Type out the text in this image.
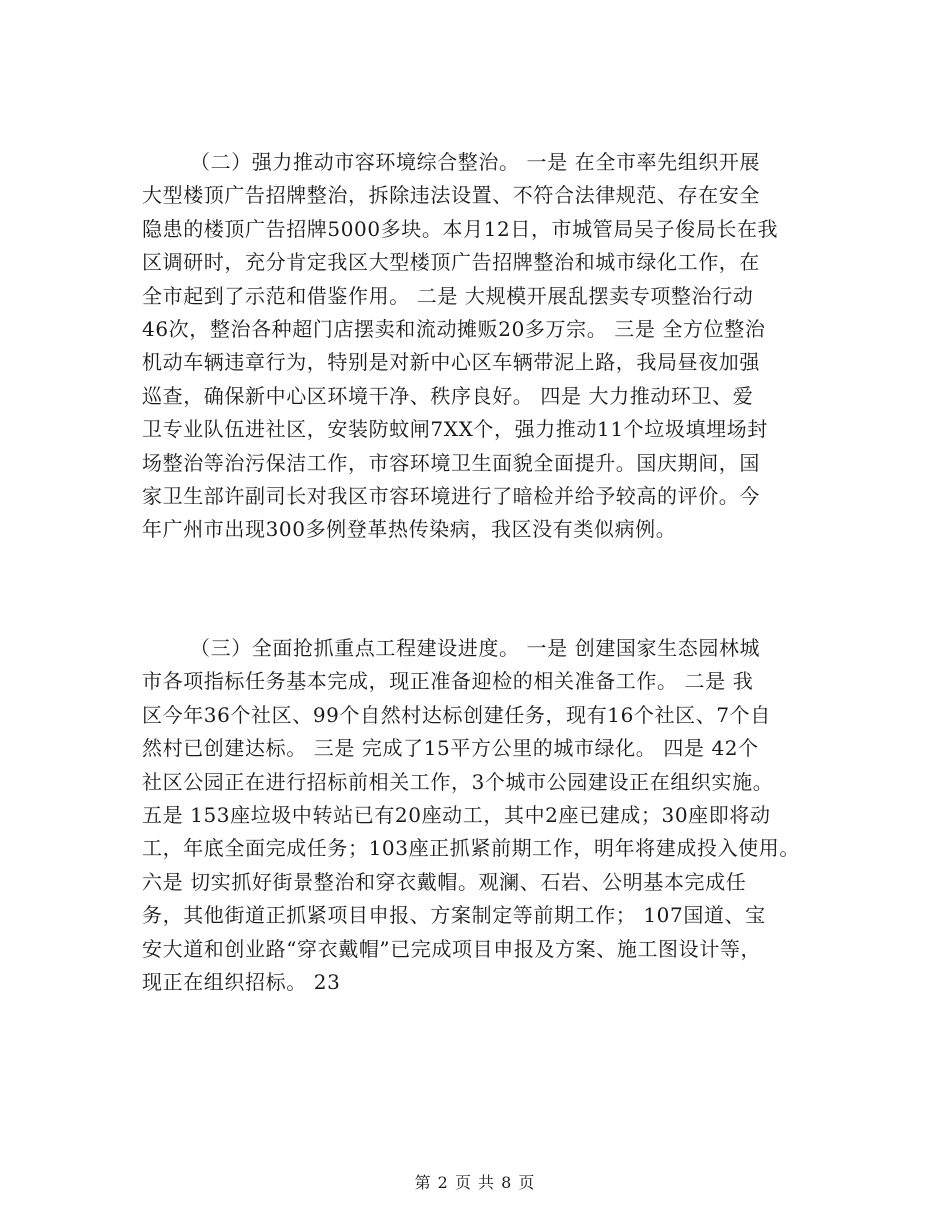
（二）强力推动市容环境综合整治。 一是 在全市率先组织开展
大型楼顶广告招牌整治，拆除违法设置、不符合法律规范、存在安全
隐患的楼顶广告招牌5000多块。本月12日，市城管局吴子俊局长在我
区调研时，充分肯定我区大型楼顶广告招牌整治和城市绿化工作，在
全市起到了示范和借鉴作用。 二是 大规模开展乱摆卖专项整治行动
46次，整治各种超门店摆卖和流动摊贩20多万宗。 三是 全方位整治
机动车辆违章行为，特别是对新中心区车辆带泥上路，我局昼夜加强
巡查，确保新中心区环境干净、秩序良好。 四是 大力推动环卫、爱
卫专业队伍进社区，安装防蚊闸7XX个，强力推动11个垃圾填埋场封
场整治等治污保洁工作，市容环境卫生面貌全面提升。国庆期间，国
家卫生部许副司长对我区市容环境进行了暗检并给予较高的评价。今
年广州市出现300多例登革热传染病，我区没有类似病例。
（三）全面抢抓重点工程建设进度。 一是 创建国家生态园林城
市各项指标任务基本完成，现正准备迎检的相关准备工作。 二是 我
区今年36个社区、99个自然村达标创建任务，现有16个社区、7个自
然村已创建达标。 三是 完成了15平方公里的城市绿化。 四是 42个
社区公园正在进行招标前相关工作，3个城市公园建设正在组织实施。
五是 153座垃圾中转站已有20座动工，其中2座已建成；30座即将动
工，年底全面完成任务；103座正抓紧前期工作，明年将建成投入使用。
六是 切实抓好街景整治和穿衣戴帽。观澜、石岩、公明基本完成任
务，其他街道正抓紧项目申报、方案制定等前期工作； 107国道、宝
安大道和创业路“穿衣戴帽”已完成项目申报及方案、施工图设计等，
现正在组织招标。 23
第 2 页 共 8 页
